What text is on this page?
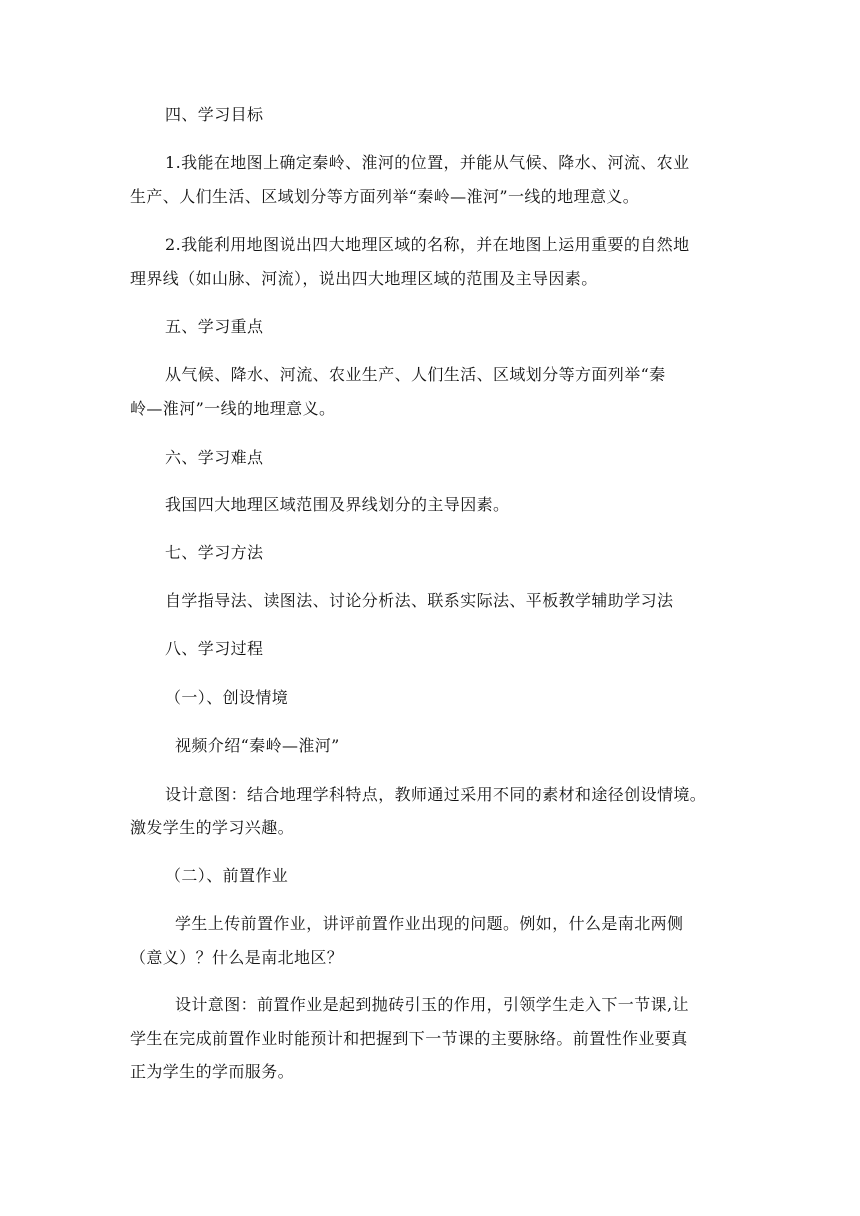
四、学习目标
1.我能在地图上确定秦岭、淮河的位置，并能从气候、降水、河流、农业
生产、人们生活、区域划分等方面列举“秦岭—淮河”一线的地理意义。
2.我能利用地图说出四大地理区域的名称，并在地图上运用重要的自然地
理界线（如山脉、河流），说出四大地理区域的范围及主导因素。
五、学习重点
从气候、降水、河流、农业生产、人们生活、区域划分等方面列举“秦
岭—淮河”一线的地理意义。
六、学习难点
我国四大地理区域范围及界线划分的主导因素。
七、学习方法
自学指导法、读图法、讨论分析法、联系实际法、平板教学辅助学习法
八、学习过程
（一）、创设情境
视频介绍“秦岭—淮河”
设计意图：结合地理学科特点，教师通过采用不同的素材和途径创设情境。
激发学生的学习兴趣。
（二）、前置作业
学生上传前置作业，讲评前置作业出现的问题。例如，什么是南北两侧
（意义）？什么是南北地区？
设计意图：前置作业是起到抛砖引玉的作用，引领学生走入下一节课,让
学生在完成前置作业时能预计和把握到下一节课的主要脉络。前置性作业要真
正为学生的学而服务。
